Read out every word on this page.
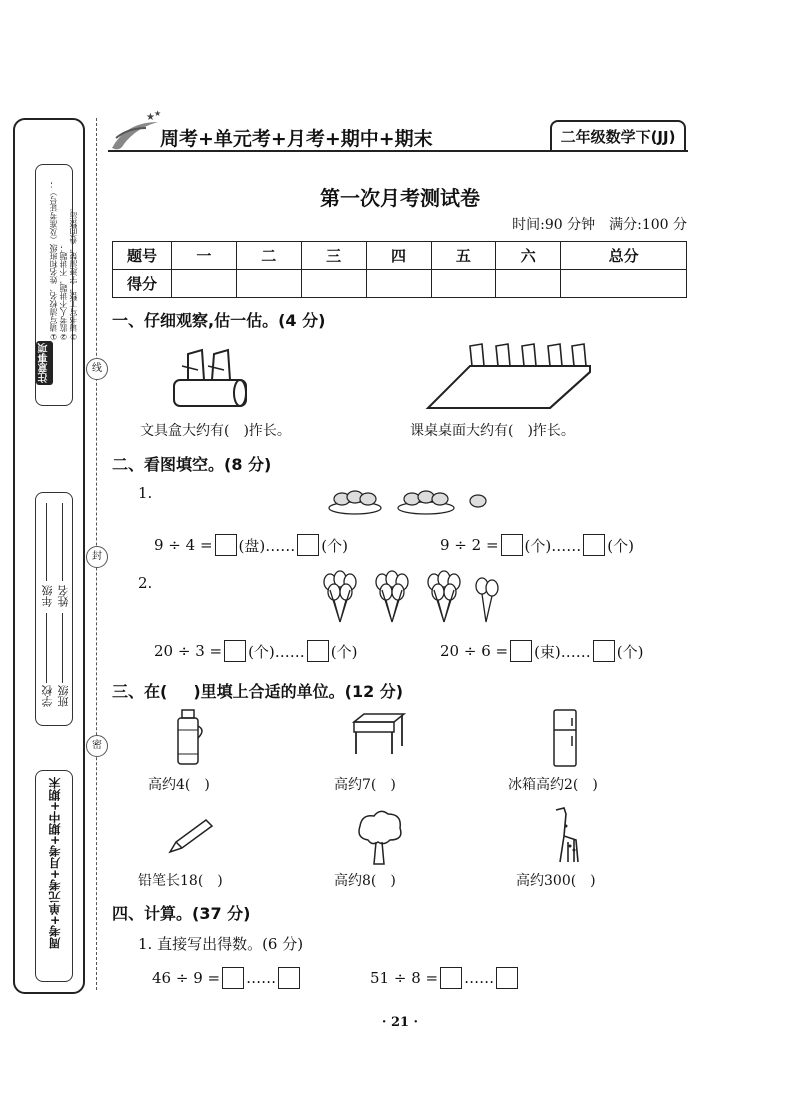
注意事项
①请写清校名、姓名和班级（及准考证号）； ②监考人不讲题，不讲题； ③请书写工整，字迹清楚，卷面整洁。
学校
年级
班级
姓名
周考+单元考+月考+期中+期末
线
封
密
★ ★
周考+单元考+月考+期中+期末	二年级数学下(JJ)
第一次月考测试卷
时间:90 分钟　满分:100 分
题号	一	二	三	四	五	六	总分
得分							
一、仔细观察,估一估。(4 分)
文具盒大约有(　)拃长。	课桌桌面大约有(　)拃长。
二、看图填空。(8 分)
1.
9 ÷ 4 = (盘)…… (个)	9 ÷ 2 = (个)…… (个)
2.
20 ÷ 3 = (个)…… (个)	20 ÷ 6 = (束)…… (个)
三、在( )里填上合适的单位。(12 分)
高约4(　)	高约7(　)	冰箱高约2(　)
铅笔长18(　)	高约8(　)	高约300(　)
四、计算。(37 分)
1. 直接写出得数。(6 分)
46 ÷ 9 = ……	51 ÷ 8 = ……
· 21 ·
